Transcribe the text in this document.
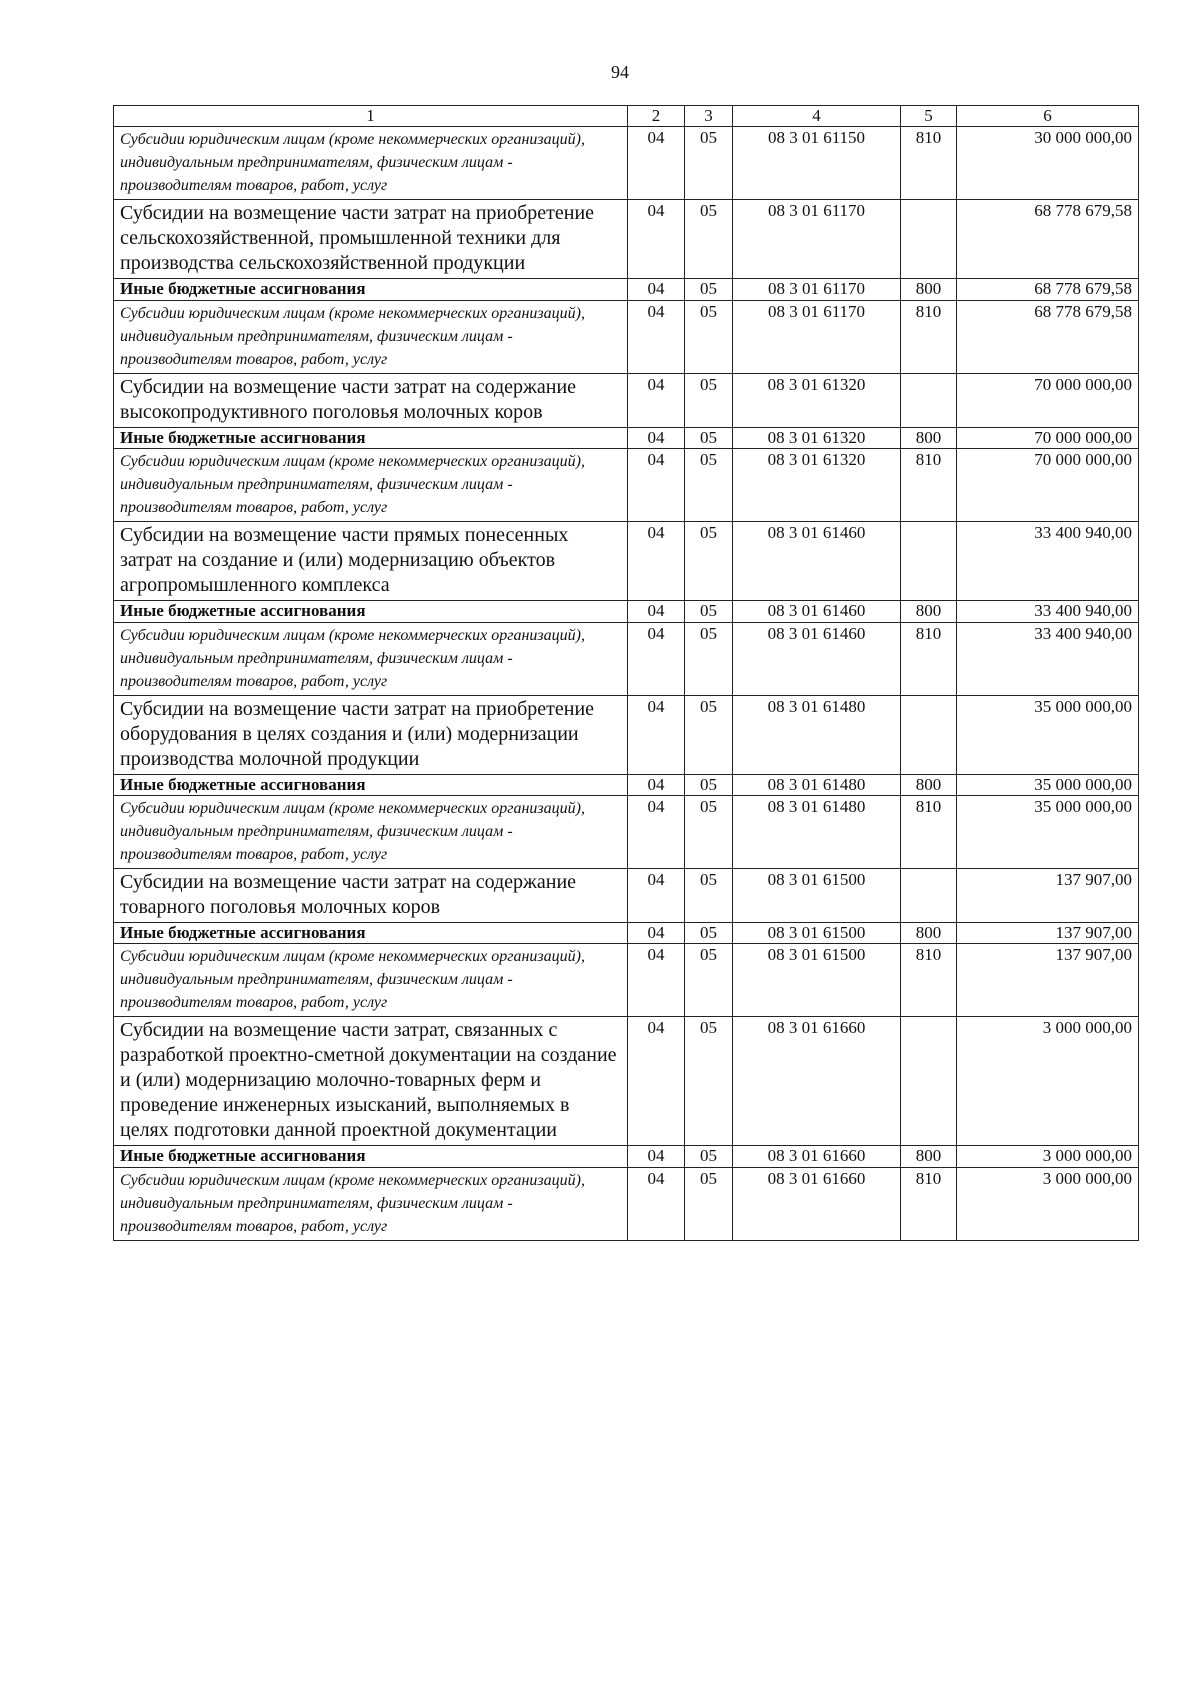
94
1	2	3	4	5	6
Субсидии юридическим лицам (кроме некоммерческих организаций), индивидуальным предпринимателям, физическим лицам - производителям товаров, работ, услуг	04	05	08 3 01 61150	810	30 000 000,00
Субсидии на возмещение части затрат на приобретение сельскохозяйственной, промышленной техники для производства сельскохозяйственной продукции	04	05	08 3 01 61170		68 778 679,58
Иные бюджетные ассигнования	04	05	08 3 01 61170	800	68 778 679,58
Субсидии юридическим лицам (кроме некоммерческих организаций), индивидуальным предпринимателям, физическим лицам - производителям товаров, работ, услуг	04	05	08 3 01 61170	810	68 778 679,58
Субсидии на возмещение части затрат на содержание высокопродуктивного поголовья молочных коров	04	05	08 3 01 61320		70 000 000,00
Иные бюджетные ассигнования	04	05	08 3 01 61320	800	70 000 000,00
Субсидии юридическим лицам (кроме некоммерческих организаций), индивидуальным предпринимателям, физическим лицам - производителям товаров, работ, услуг	04	05	08 3 01 61320	810	70 000 000,00
Субсидии на возмещение части прямых понесенных затрат на создание и (или) модернизацию объектов агропромышленного комплекса	04	05	08 3 01 61460		33 400 940,00
Иные бюджетные ассигнования	04	05	08 3 01 61460	800	33 400 940,00
Субсидии юридическим лицам (кроме некоммерческих организаций), индивидуальным предпринимателям, физическим лицам - производителям товаров, работ, услуг	04	05	08 3 01 61460	810	33 400 940,00
Субсидии на возмещение части затрат на приобретение оборудования в целях создания и (или) модернизации производства молочной продукции	04	05	08 3 01 61480		35 000 000,00
Иные бюджетные ассигнования	04	05	08 3 01 61480	800	35 000 000,00
Субсидии юридическим лицам (кроме некоммерческих организаций), индивидуальным предпринимателям, физическим лицам - производителям товаров, работ, услуг	04	05	08 3 01 61480	810	35 000 000,00
Субсидии на возмещение части затрат на содержание товарного поголовья молочных коров	04	05	08 3 01 61500		137 907,00
Иные бюджетные ассигнования	04	05	08 3 01 61500	800	137 907,00
Субсидии юридическим лицам (кроме некоммерческих организаций), индивидуальным предпринимателям, физическим лицам - производителям товаров, работ, услуг	04	05	08 3 01 61500	810	137 907,00
Субсидии на возмещение части затрат, связанных с разработкой проектно-сметной документации на создание и (или) модернизацию молочно-товарных ферм и проведение инженерных изысканий, выполняемых в целях подготовки данной проектной документации	04	05	08 3 01 61660		3 000 000,00
Иные бюджетные ассигнования	04	05	08 3 01 61660	800	3 000 000,00
Субсидии юридическим лицам (кроме некоммерческих организаций), индивидуальным предпринимателям, физическим лицам - производителям товаров, работ, услуг	04	05	08 3 01 61660	810	3 000 000,00
